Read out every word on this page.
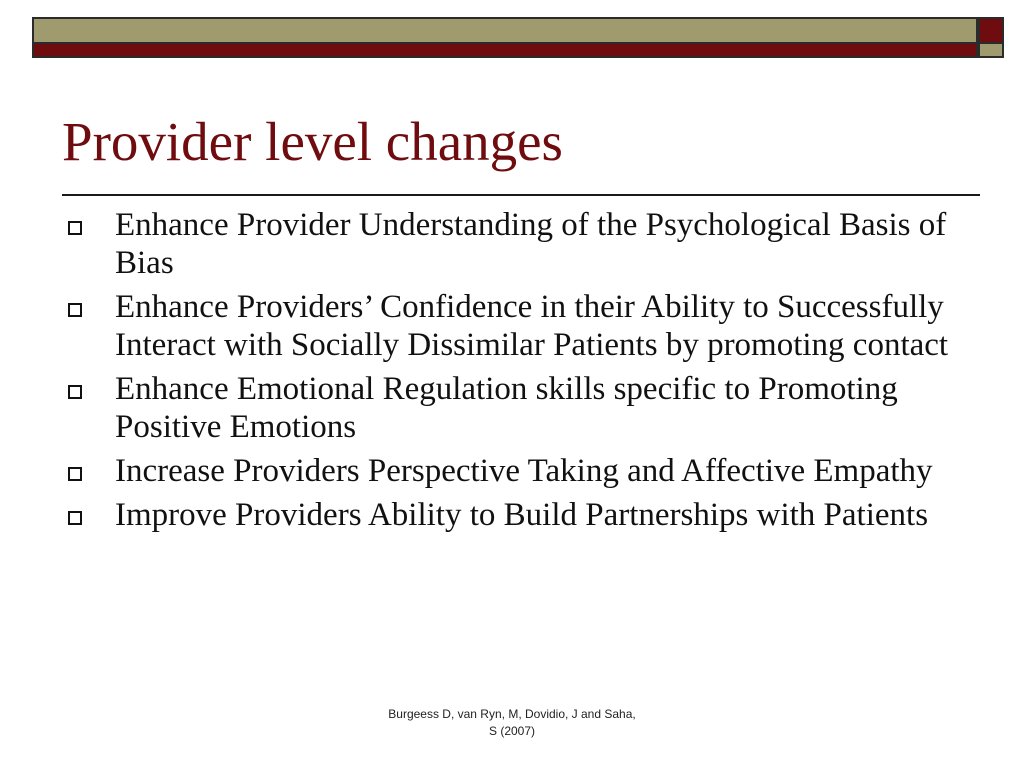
Provider level changes
Enhance Provider Understanding of the Psychological Basis of Bias
Enhance Providers’ Confidence in their Ability to Successfully Interact with Socially Dissimilar Patients by promoting contact
Enhance Emotional Regulation skills specific to Promoting Positive Emotions
Increase Providers Perspective Taking and Affective Empathy
Improve Providers Ability to Build Partnerships with Patients
Burgeess D, van Ryn, M, Dovidio, J and Saha,
S (2007)
